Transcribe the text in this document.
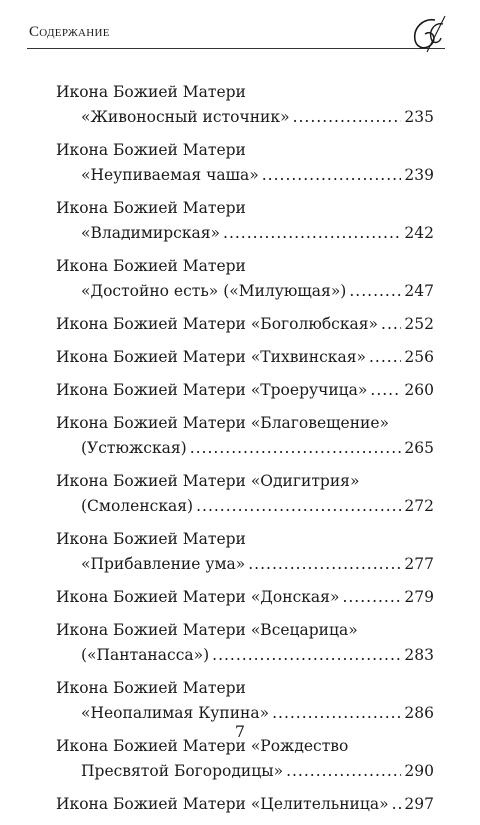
Содержание
Икона Божией Матери
«Живоносный источник» .....	235
Икона Божией Матери
«Неупиваемая чаша» .....	239
Икона Божией Матери
«Владимирская» .....	242
Икона Божией Матери
«Достойно есть» («Милующая») .....	247
Икона Божией Матери «Боголюбская» ..... 252
Икона Божией Матери «Тихвинская» ..... 256
Икона Божией Матери «Троеручица» ..... 260
Икона Божией Матери «Благовещение»
(Устюжская) .....	265
Икона Божией Матери «Одигитрия»
(Смоленская) .....	272
Икона Божией Матери
«Прибавление ума» .....	277
Икона Божией Матери «Донская» .....	279
Икона Божией Матери «Всецарица»
(«Пантанасса») .....	283
Икона Божией Матери
«Неопалимая Купина» .....	286
Икона Божией Матери «Рождество
Пресвятой Богородицы» .....	290
Икона Божией Матери «Целительница» ..... 297
7
